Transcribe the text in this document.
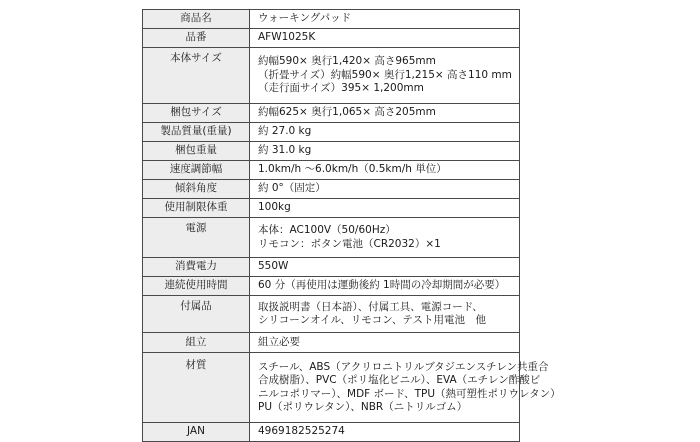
商品名	ウォーキングパッド

品番	AFW1025K

本体サイズ	約幅590× 奥行1,420× 高さ965mm
（折畳サイズ）約幅590× 奥行1,215× 高さ110 mm
（走行面サイズ）395× 1,200mm

梱包サイズ	約幅625× 奥行1,065× 高さ205mm

製品質量(重量)	約 27.0 kg

梱包重量	約 31.0 kg

速度調節幅	1.0km/h ～6.0km/h（0.5km/h 単位）

傾斜角度	約 0°（固定）

使用制限体重	100kg

電源	本体：AC100V（50/60Hz）
リモコン：ボタン電池（CR2032）×1

消費電力	550W

連続使用時間	60 分（再使用は運動後約 1時間の冷却期間が必要）

付属品	取扱説明書（日本語）、付属工具、電源コード、
シリコーンオイル、リモコン、テスト用電池　他

組立	組立必要

材質	スチール、ABS（アクリロニトリルブタジエンスチレン共重合
合成樹脂）、PVC（ポリ塩化ビニル）、EVA（エチレン酢酸ビ
ニルコポリマー）、MDF ボード、TPU（熱可塑性ポリウレタン）
PU（ポリウレタン）、NBR（ニトリルゴム）

JAN	4969182525274
